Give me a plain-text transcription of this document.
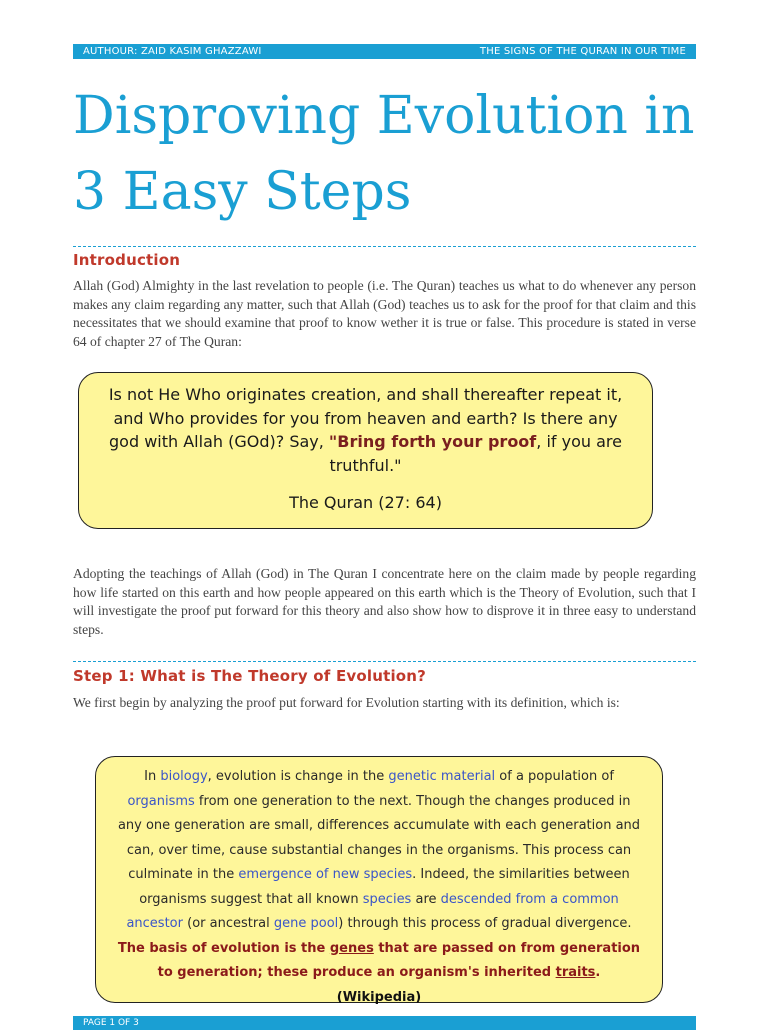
AUTHOUR: ZAID KASIM GHAZZAWI	THE SIGNS OF THE QURAN IN OUR TIME
Disproving Evolution in 3 Easy Steps
Introduction

Allah (God) Almighty in the last revelation to people (i.e. The Quran) teaches us what to do whenever any person makes any claim regarding any matter, such that Allah (God) teaches us to ask for the proof for that claim and this necessitates that we should examine that proof to know wether it is true or false. This procedure is stated in verse 64 of chapter 27 of The Quran:

Is not He Who originates creation, and shall thereafter repeat it, and Who provides for you from heaven and earth? Is there any god with Allah (GOd)? Say, "Bring forth your proof, if you are truthful."

The Quran (27: 64)

Adopting the teachings of Allah (God) in The Quran I concentrate here on the claim made by people regarding how life started on this earth and how people appeared on this earth which is the Theory of Evolution, such that I will investigate the proof put forward for this theory and also show how to disprove it in three easy to understand steps.

Step 1: What is The Theory of Evolution?

We first begin by analyzing the proof put forward for Evolution starting with its definition, which is:

In biology, evolution is change in the genetic material of a population of organisms from one generation to the next. Though the changes produced in any one generation are small, differences accumulate with each generation and can, over time, cause substantial changes in the organisms. This process can culminate in the emergence of new species. Indeed, the similarities between organisms suggest that all known species are descended from a common ancestor (or ancestral gene pool) through this process of gradual divergence. The basis of evolution is the genes that are passed on from generation to generation; these produce an organism's inherited traits. (Wikipedia)

PAGE 1 OF 3
